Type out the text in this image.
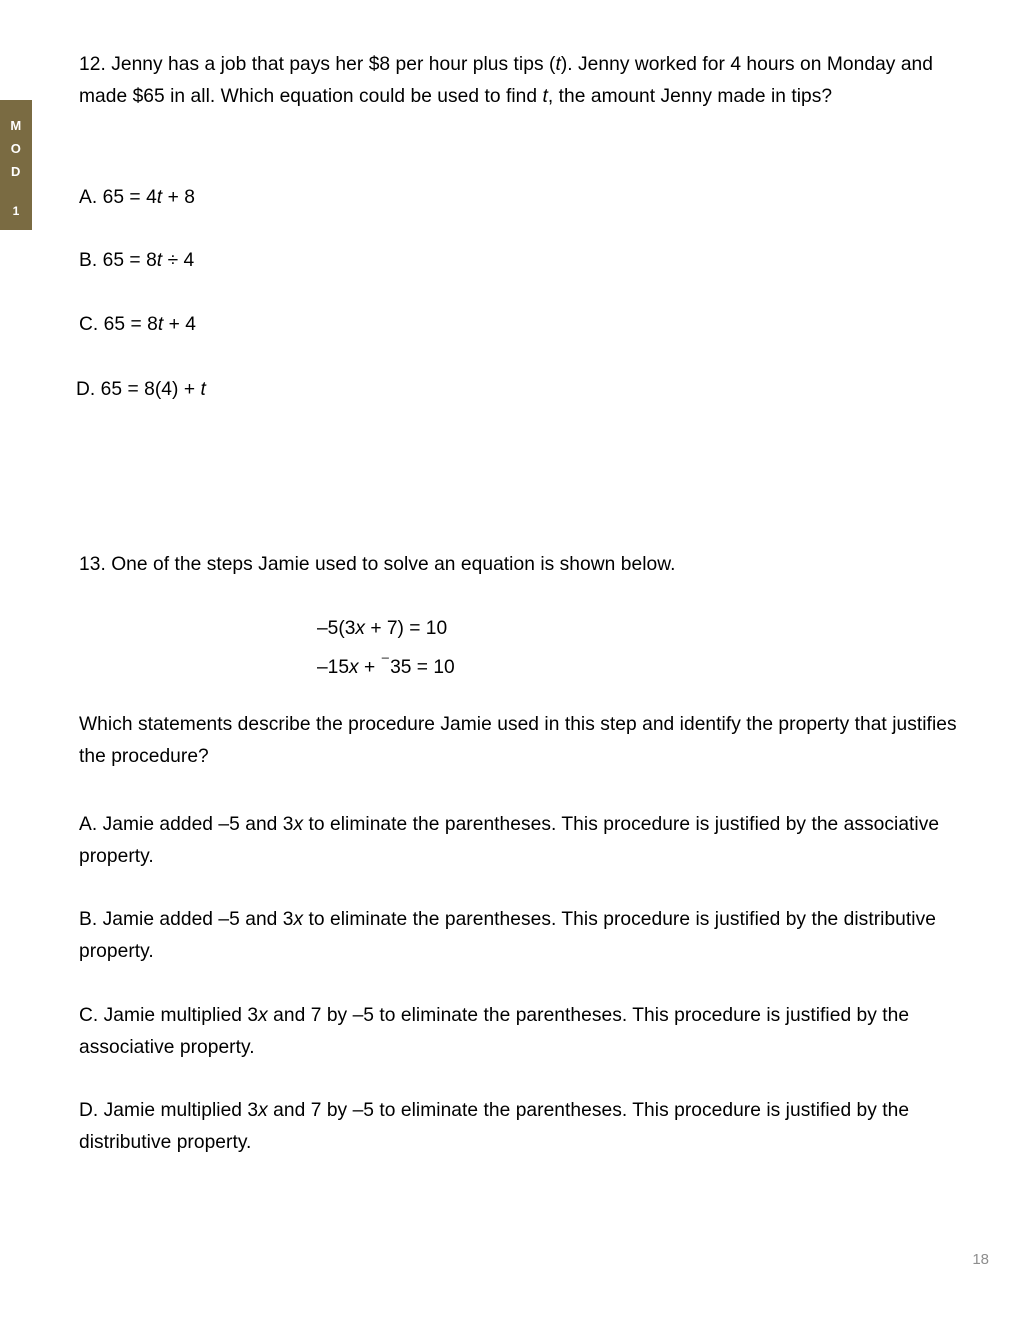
M
O
D
1
12. Jenny has a job that pays her $8 per hour plus tips (t). Jenny worked for 4 hours on Monday and made $65 in all. Which equation could be used to find t, the amount Jenny made in tips?
A. 65 = 4t + 8
B. 65 = 8t ÷ 4
C. 65 = 8t + 4
D. 65 = 8(4) + t
13. One of the steps Jamie used to solve an equation is shown below.
–5(3x + 7) = 10
–15x + ⁻35 = 10
Which statements describe the procedure Jamie used in this step and identify the property that justifies the procedure?
A. Jamie added –5 and 3x to eliminate the parentheses. This procedure is justified by the associative property.
B. Jamie added –5 and 3x to eliminate the parentheses. This procedure is justified by the distributive property.
C. Jamie multiplied 3x and 7 by –5 to eliminate the parentheses. This procedure is justified by the associative property.
D. Jamie multiplied 3x and 7 by –5 to eliminate the parentheses. This procedure is justified by the distributive property.
18
